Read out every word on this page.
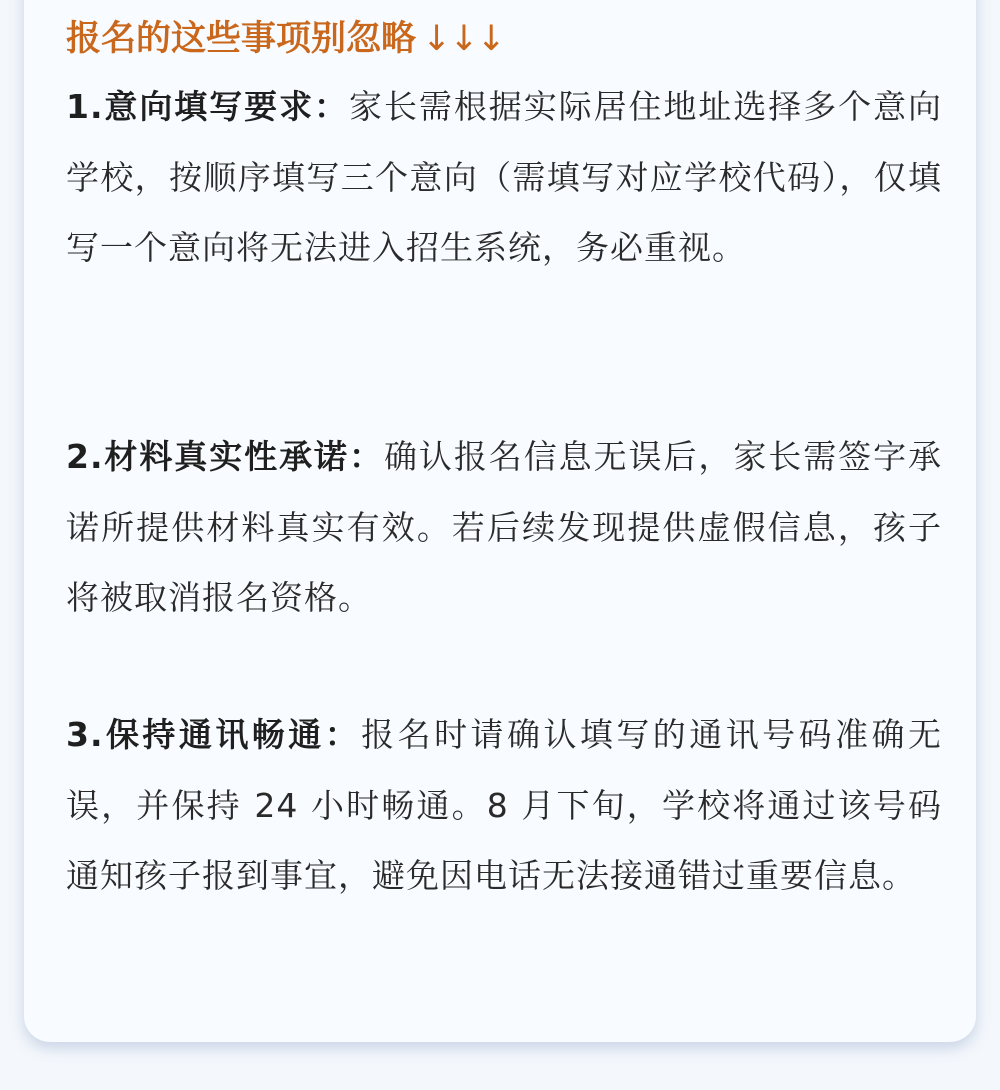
报名的这些事项别忽略 ↓↓↓
1.意向填写要求：家长需根据实际居住地址选择多个意向学校，按顺序填写三个意向（需填写对应学校代码），仅填写一个意向将无法进入招生系统，务必重视。
2.材料真实性承诺：确认报名信息无误后，家长需签字承诺所提供材料真实有效。若后续发现提供虚假信息，孩子将被取消报名资格。
3.保持通讯畅通：报名时请确认填写的通讯号码准确无误，并保持 24 小时畅通。8 月下旬，学校将通过该号码通知孩子报到事宜，避免因电话无法接通错过重要信息。
